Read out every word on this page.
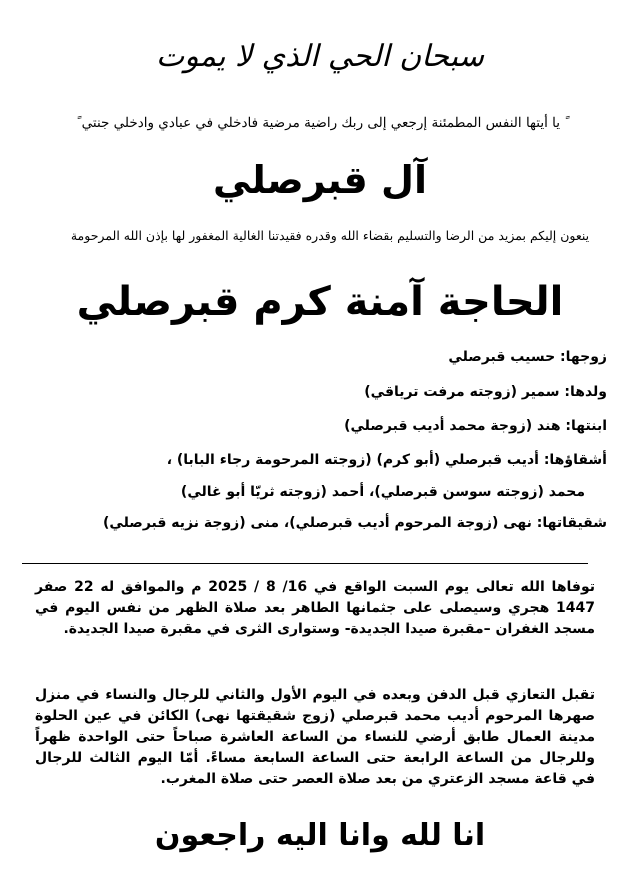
سبحان الحي الذي لا يموت
ً يا أيتها النفس المطمئنة إرجعي إلى ربك راضية مرضية فادخلي في عبادي وادخلي جنتي ً
آل قبرصلي
ينعون إليكم بمزيد من الرضا والتسليم بقضاء الله وقدره فقيدتنا الغالية المغفور لها بإذن الله المرحومة
الحاجة آمنة كرم قبرصلي
زوجها: حسيب قبرصلي
ولدها: سمير (زوجته مرفت ترياقي)
ابنتها: هند (زوجة محمد أديب قبرصلي)
أشقاؤها: أديب قبرصلي (أبو كرم) (زوجته المرحومة رجاء البابا) ،
محمد (زوجته سوسن قبرصلي)، أحمد (زوجته ثريّا أبو غالي)
شقيقاتها: نهى (زوجة المرحوم أديب قبرصلي)، منى (زوجة نزيه قبرصلي)
توفاها الله تعالى يوم السبت الواقع في 16/ 8 / 2025 م والموافق له 22 صفر 1447 هجري وسيصلى على جثمانها الطاهر بعد صلاة الظهر من نفس اليوم في مسجد الغفران –مقبرة صيدا الجديدة- وستوارى الثرى في مقبرة صيدا الجديدة.
تقبل التعازي قبل الدفن وبعده في اليوم الأول والثاني للرجال والنساء في منزل صهرها المرحوم أديب محمد قبرصلي (زوج شقيقتها نهى) الكائن في عين الحلوة مدينة العمال طابق أرضي للنساء من الساعة العاشرة صباحاً حتى الواحدة ظهراً وللرجال من الساعة الرابعة حتى الساعة السابعة مساءً. أمّا اليوم الثالث للرجال في قاعة مسجد الزعتري من بعد صلاة العصر حتى صلاة المغرب.
انا لله وانا اليه راجعون
